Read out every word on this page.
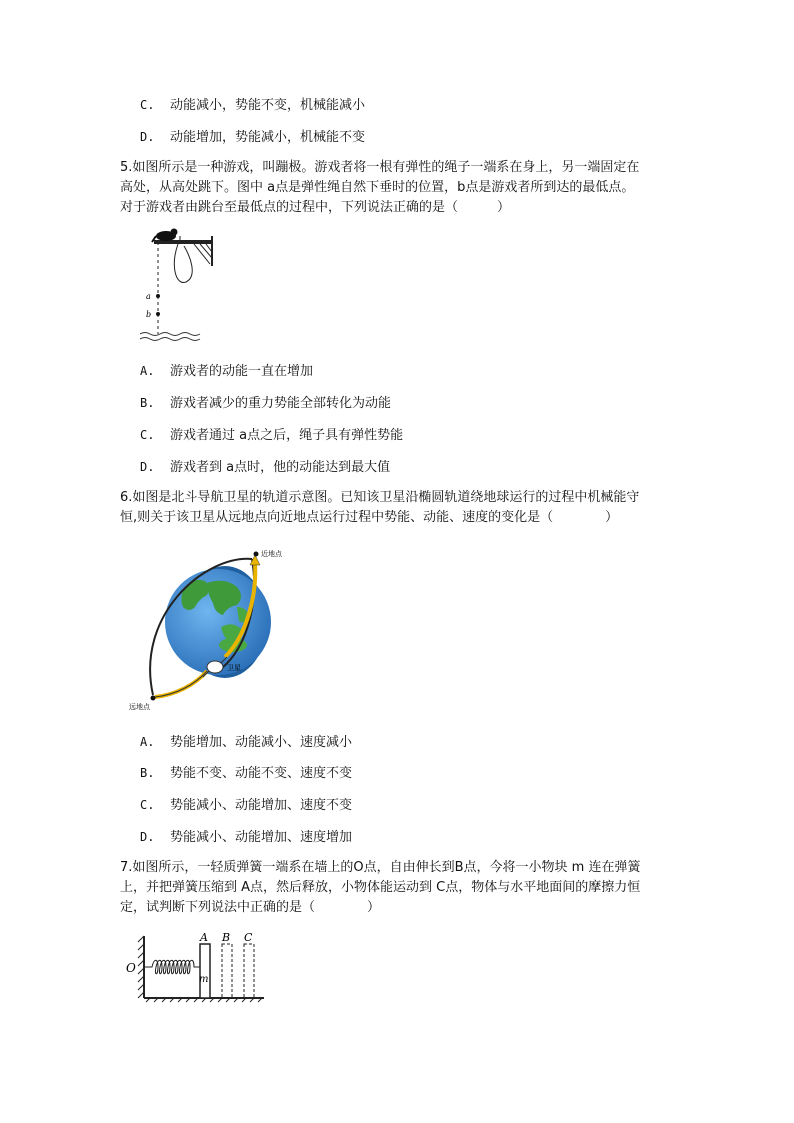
C. 动能减小，势能不变，机械能减小
D. 动能增加，势能减小，机械能不变
5.如图所示是一种游戏，叫蹦极。游戏者将一根有弹性的绳子一端系在身上，另一端固定在
高处，从高处跳下。图中 a点是弹性绳自然下垂时的位置，b点是游戏者所到达的最低点。
对于游戏者由跳台至最低点的过程中，下列说法正确的是（　　　）
a
b
A. 游戏者的动能一直在增加
B. 游戏者减少的重力势能全部转化为动能
C. 游戏者通过 a点之后，绳子具有弹性势能
D. 游戏者到 a点时，他的动能达到最大值
6.如图是北斗导航卫星的轨道示意图。已知该卫星沿椭圆轨道绕地球运行的过程中机械能守
恒,则关于该卫星从远地点向近地点运行过程中势能、动能、速度的变化是（　　　　）
近地点
远地点
卫星
A. 势能增加、动能减小、速度减小
B. 势能不变、动能不变、速度不变
C. 势能减小、动能增加、速度不变
D. 势能减小、动能增加、速度增加
7.如图所示，一轻质弹簧一端系在墙上的O点，自由伸长到B点，今将一小物块 m 连在弹簧
上，并把弹簧压缩到 A点，然后释放，小物体能运动到 C点，物体与水平地面间的摩擦力恒
定，试判断下列说法中正确的是（　　　　）
O
A B C
m
